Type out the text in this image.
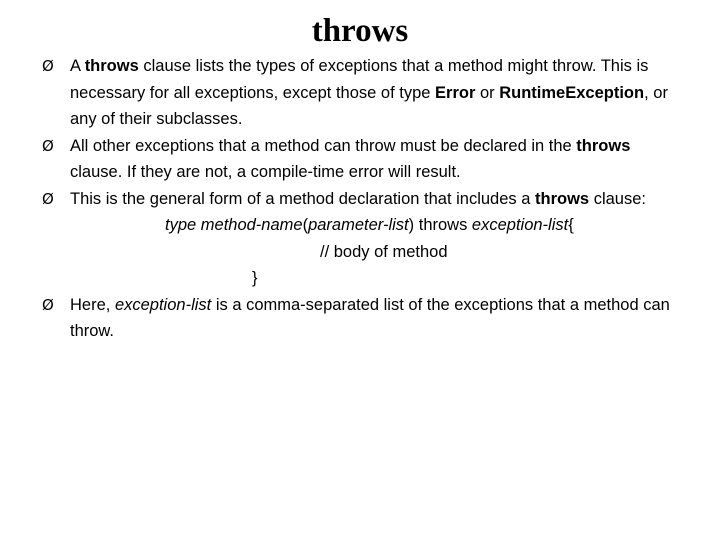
throws
Ø A throws clause lists the types of exceptions that a method might throw. This is necessary for all exceptions, except those of type Error or RuntimeException, or any of their subclasses.
Ø All other exceptions that a method can throw must be declared in the throws clause. If they are not, a compile-time error will result.
Ø This is the general form of a method declaration that includes a throws clause:
type method-name(parameter-list) throws exception-list{
// body of method
}
Ø Here, exception-list is a comma-separated list of the exceptions that a method can throw.
